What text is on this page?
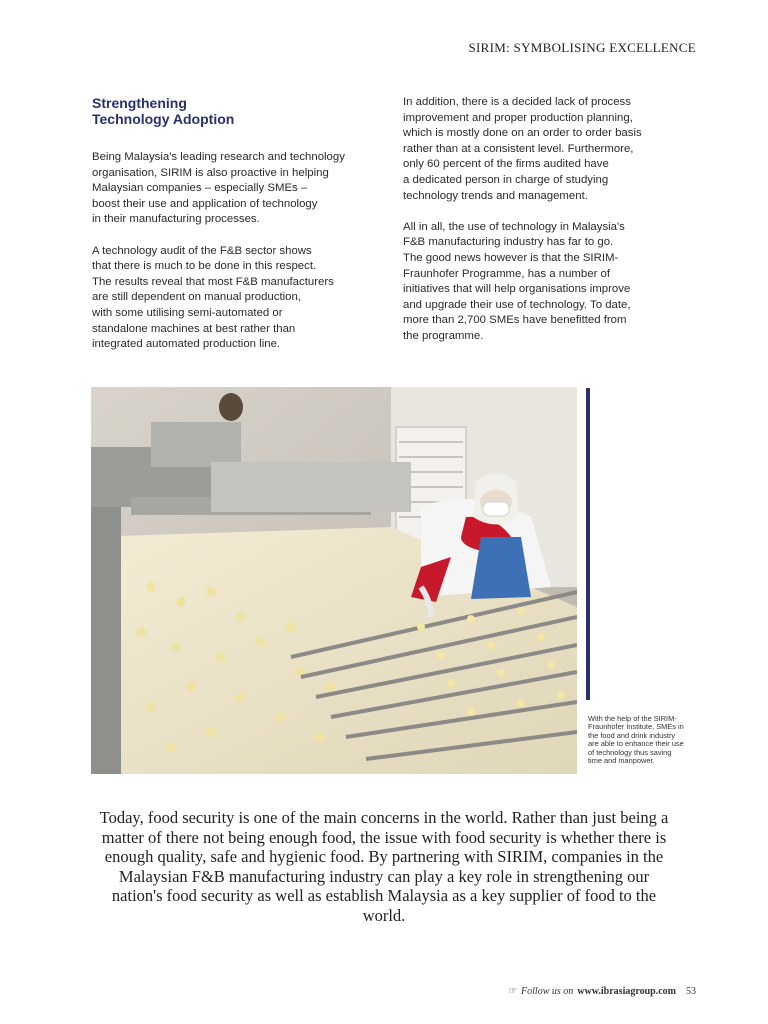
SIRIM: SYMBOLISING EXCELLENCE
Strengthening
Technology Adoption

Being Malaysia's leading research and technology
organisation, SIRIM is also proactive in helping
Malaysian companies – especially SMEs –
boost their use and application of technology
in their manufacturing processes.

A technology audit of the F&B sector shows
that there is much to be done in this respect.
The results reveal that most F&B manufacturers
are still dependent on manual production,
with some utilising semi-automated or
standalone machines at best rather than
integrated automated production line.

In addition, there is a decided lack of process
improvement and proper production planning,
which is mostly done on an order to order basis
rather than at a consistent level. Furthermore,
only 60 percent of the firms audited have
a dedicated person in charge of studying
technology trends and management.

All in all, the use of technology in Malaysia's
F&B manufacturing industry has far to go.
The good news however is that the SIRIM-
Fraunhofer Programme, has a number of
initiatives that will help organisations improve
and upgrade their use of technology. To date,
more than 2,700 SMEs have benefitted from
the programme.

With the help of the SIRIM-Fraunhofer Institute, SMEs in the food and drink industry are able to enhance their use of technology thus saving time and manpower.
Today, food security is one of the main concerns in the world. Rather than just being a matter of there not being enough food, the issue with food security is whether there is enough quality, safe and hygienic food. By partnering with SIRIM, companies in the Malaysian F&B manufacturing industry can play a key role in strengthening our nation's food security as well as establish Malaysia as a key supplier of food to the world.
☞ Follow us on www.ibrasiagroup.com 53
